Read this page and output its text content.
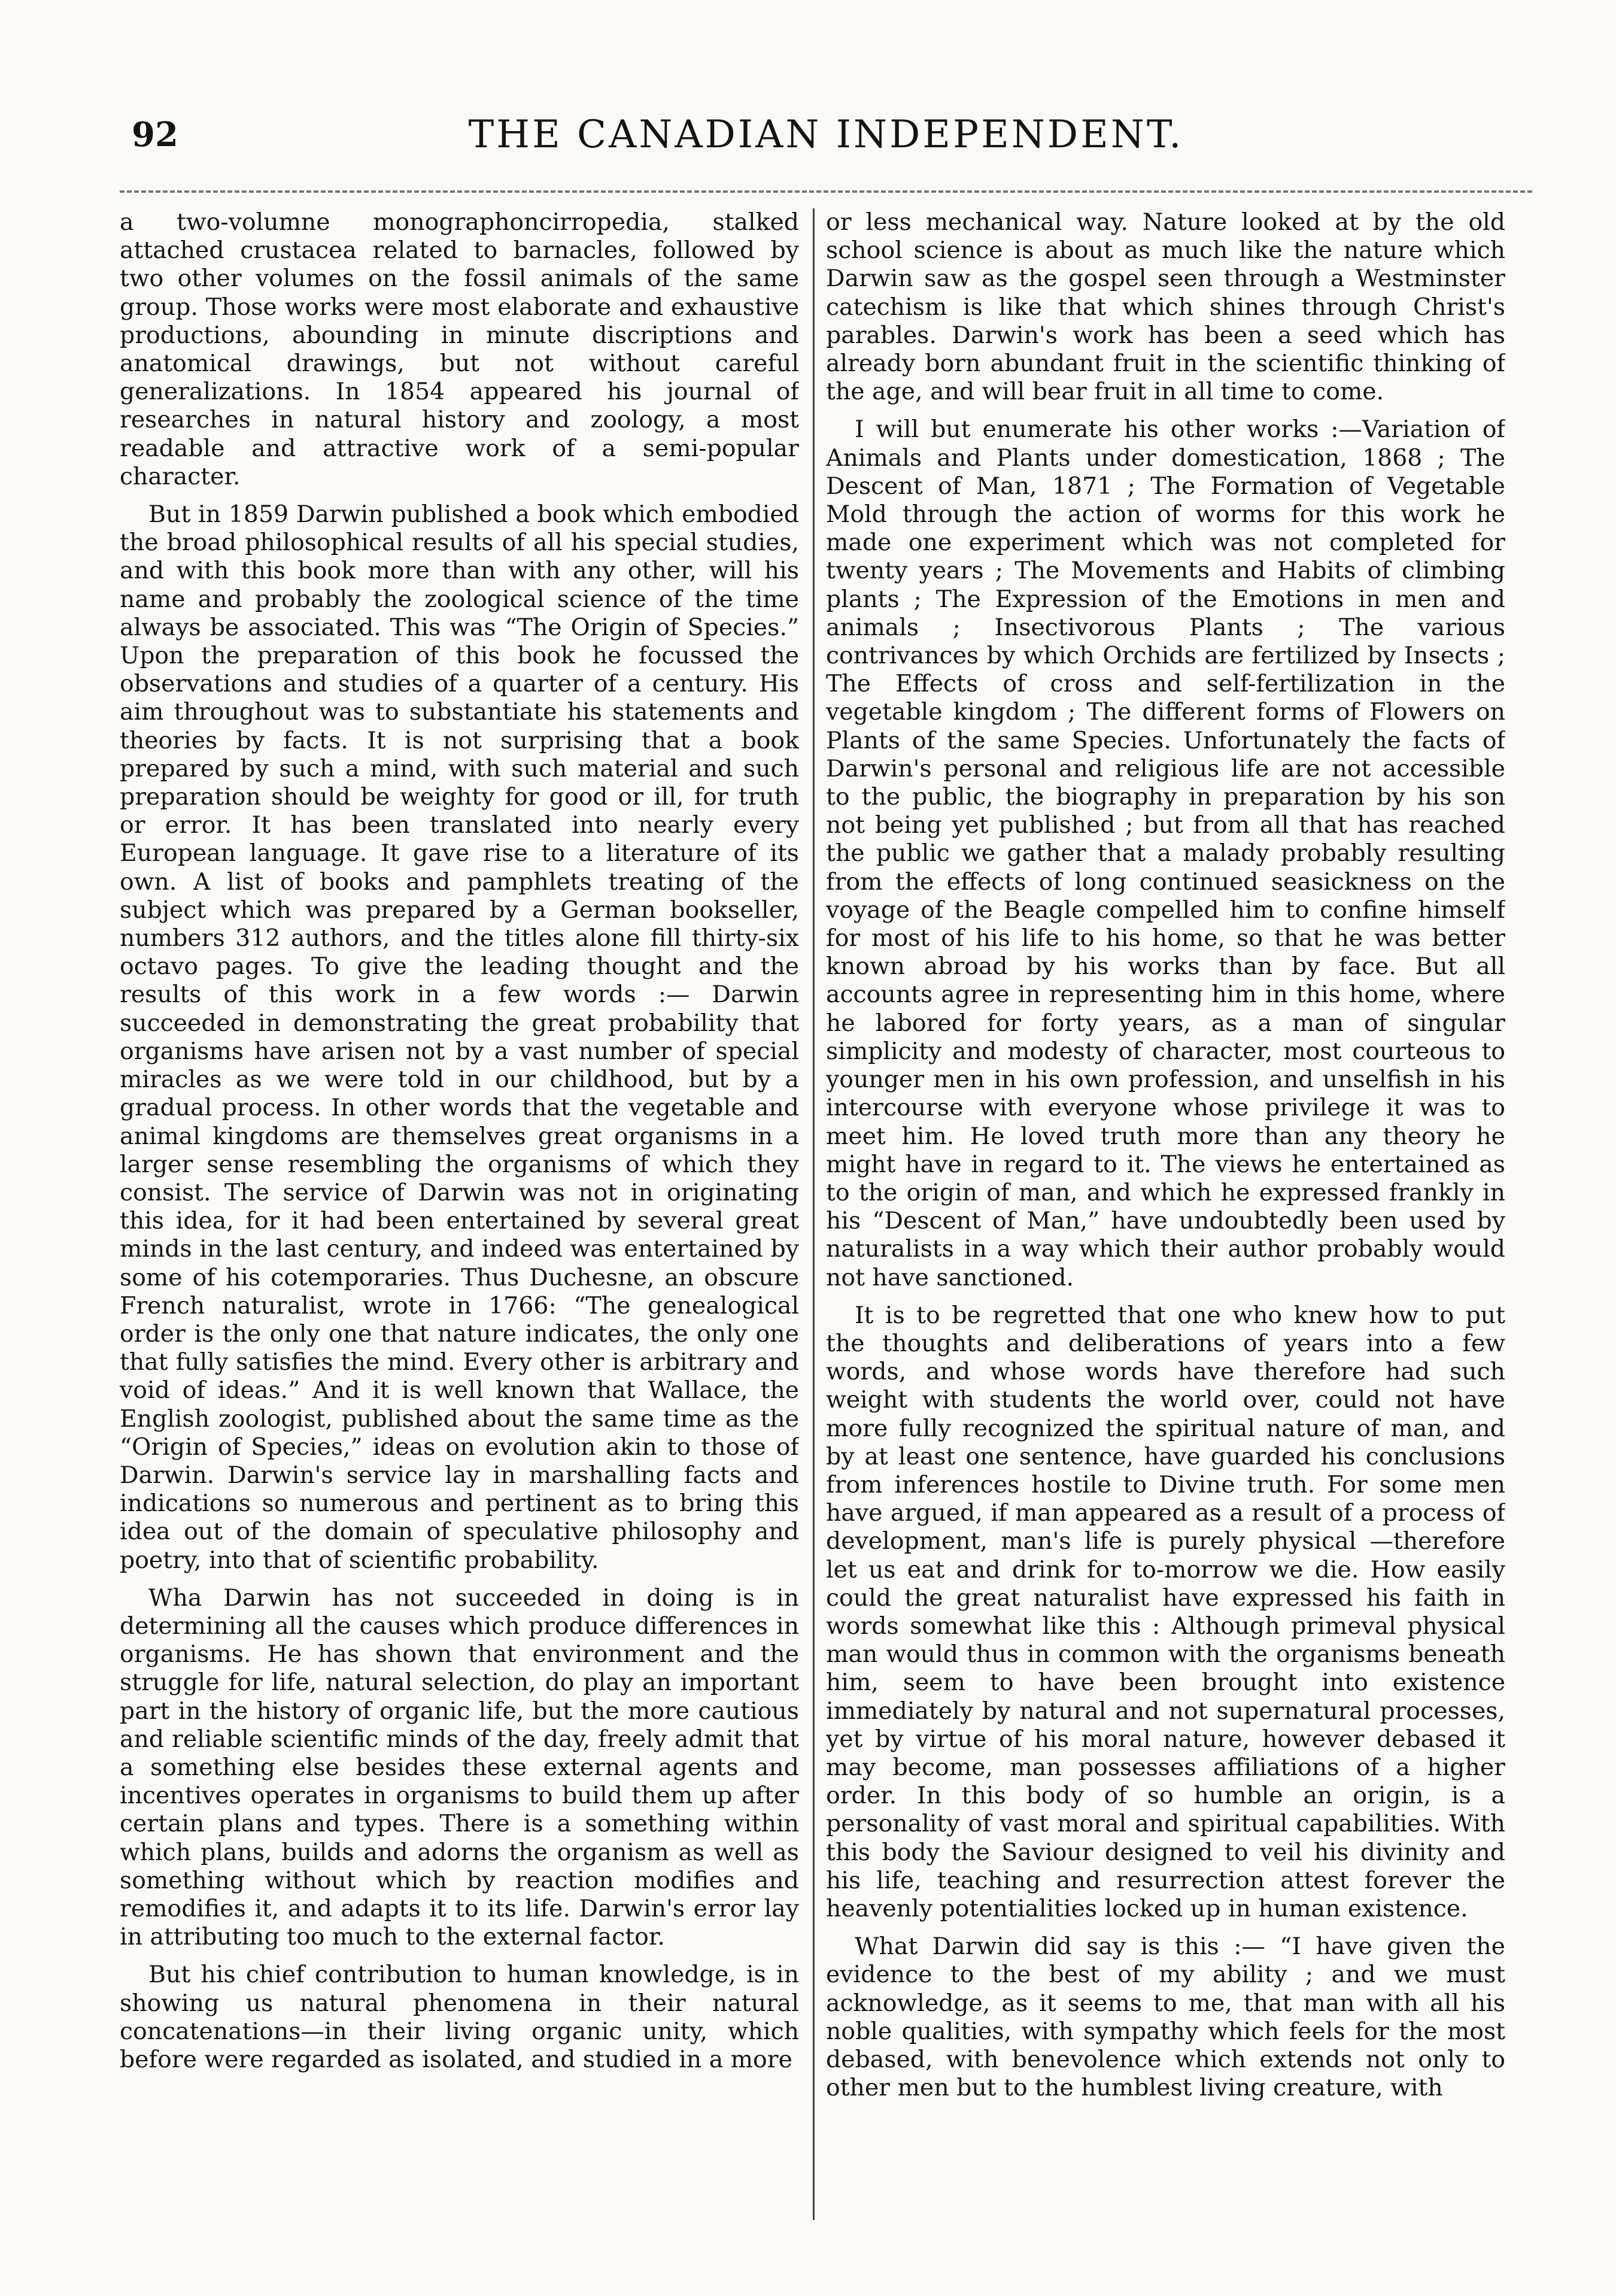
92	THE CANADIAN INDEPENDENT.

a two-volumne monographoncirropedia, stalked attached crustacea related to barnacles, followed by two other volumes on the fossil animals of the same group. Those works were most elaborate and exhaustive productions, abounding in minute discriptions and anatomical drawings, but not without careful generalizations. In 1854 appeared his journal of researches in natural history and zoology, a most readable and attractive work of a semi-popular character.

But in 1859 Darwin published a book which embodied the broad philosophical results of all his special studies, and with this book more than with any other, will his name and probably the zoological science of the time always be associated. This was “The Origin of Species.” Upon the preparation of this book he focussed the observations and studies of a quarter of a century. His aim throughout was to substantiate his statements and theories by facts. It is not surprising that a book prepared by such a mind, with such material and such preparation should be weighty for good or ill, for truth or error. It has been translated into nearly every European language. It gave rise to a literature of its own. A list of books and pamphlets treating of the subject which was prepared by a German bookseller, numbers 312 authors, and the titles alone fill thirty-six octavo pages. To give the leading thought and the results of this work in a few words :— Darwin succeeded in demonstrating the great probability that organisms have arisen not by a vast number of special miracles as we were told in our childhood, but by a gradual process. In other words that the vegetable and animal kingdoms are themselves great organisms in a larger sense resembling the organisms of which they consist. The service of Darwin was not in originating this idea, for it had been entertained by several great minds in the last century, and indeed was entertained by some of his cotemporaries. Thus Duchesne, an obscure French naturalist, wrote in 1766: “The genealogical order is the only one that nature indicates, the only one that fully satisfies the mind. Every other is arbitrary and void of ideas.” And it is well known that Wallace, the English zoologist, published about the same time as the “Origin of Species,” ideas on evolution akin to those of Darwin. Darwin's service lay in marshalling facts and indications so numerous and pertinent as to bring this idea out of the domain of speculative philosophy and poetry, into that of scientific probability.

Wha Darwin has not succeeded in doing is in determining all the causes which produce differences in organisms. He has shown that environment and the struggle for life, natural selection, do play an important part in the history of organic life, but the more cautious and reliable scientific minds of the day, freely admit that a something else besides these external agents and incentives operates in organisms to build them up after certain plans and types. There is a something within which plans, builds and adorns the organism as well as something without which by reaction modifies and remodifies it, and adapts it to its life. Darwin's error lay in attributing too much to the external factor.

But his chief contribution to human knowledge, is in showing us natural phenomena in their natural concatenations—in their living organic unity, which before were regarded as isolated, and studied in a more

or less mechanical way. Nature looked at by the old school science is about as much like the nature which Darwin saw as the gospel seen through a Westminster catechism is like that which shines through Christ's parables. Darwin's work has been a seed which has already born abundant fruit in the scientific thinking of the age, and will bear fruit in all time to come.

I will but enumerate his other works :—Variation of Animals and Plants under domestication, 1868 ; The Descent of Man, 1871 ; The Formation of Vegetable Mold through the action of worms for this work he made one experiment which was not completed for twenty years ; The Movements and Habits of climbing plants ; The Expression of the Emotions in men and animals ; Insectivorous Plants ; The various contrivances by which Orchids are fertilized by Insects ; The Effects of cross and self-fertilization in the vegetable kingdom ; The different forms of Flowers on Plants of the same Species. Unfortunately the facts of Darwin's personal and religious life are not accessible to the public, the biography in preparation by his son not being yet published ; but from all that has reached the public we gather that a malady probably resulting from the effects of long continued seasickness on the voyage of the Beagle compelled him to confine himself for most of his life to his home, so that he was better known abroad by his works than by face. But all accounts agree in representing him in this home, where he labored for forty years, as a man of singular simplicity and modesty of character, most courteous to younger men in his own profession, and unselfish in his intercourse with everyone whose privilege it was to meet him. He loved truth more than any theory he might have in regard to it. The views he entertained as to the origin of man, and which he expressed frankly in his “Descent of Man,” have undoubtedly been used by naturalists in a way which their author probably would not have sanctioned.

It is to be regretted that one who knew how to put the thoughts and deliberations of years into a few words, and whose words have therefore had such weight with students the world over, could not have more fully recognized the spiritual nature of man, and by at least one sentence, have guarded his conclusions from inferences hostile to Divine truth. For some men have argued, if man appeared as a result of a process of development, man's life is purely physical —therefore let us eat and drink for to-morrow we die. How easily could the great naturalist have expressed his faith in words somewhat like this : Although primeval physical man would thus in common with the organisms beneath him, seem to have been brought into existence immediately by natural and not supernatural processes, yet by virtue of his moral nature, however debased it may become, man possesses affiliations of a higher order. In this body of so humble an origin, is a personality of vast moral and spiritual capabilities. With this body the Saviour designed to veil his divinity and his life, teaching and resurrection attest forever the heavenly potentialities locked up in human existence.

What Darwin did say is this :— “I have given the evidence to the best of my ability ; and we must acknowledge, as it seems to me, that man with all his noble qualities, with sympathy which feels for the most debased, with benevolence which extends not only to other men but to the humblest living creature, with
